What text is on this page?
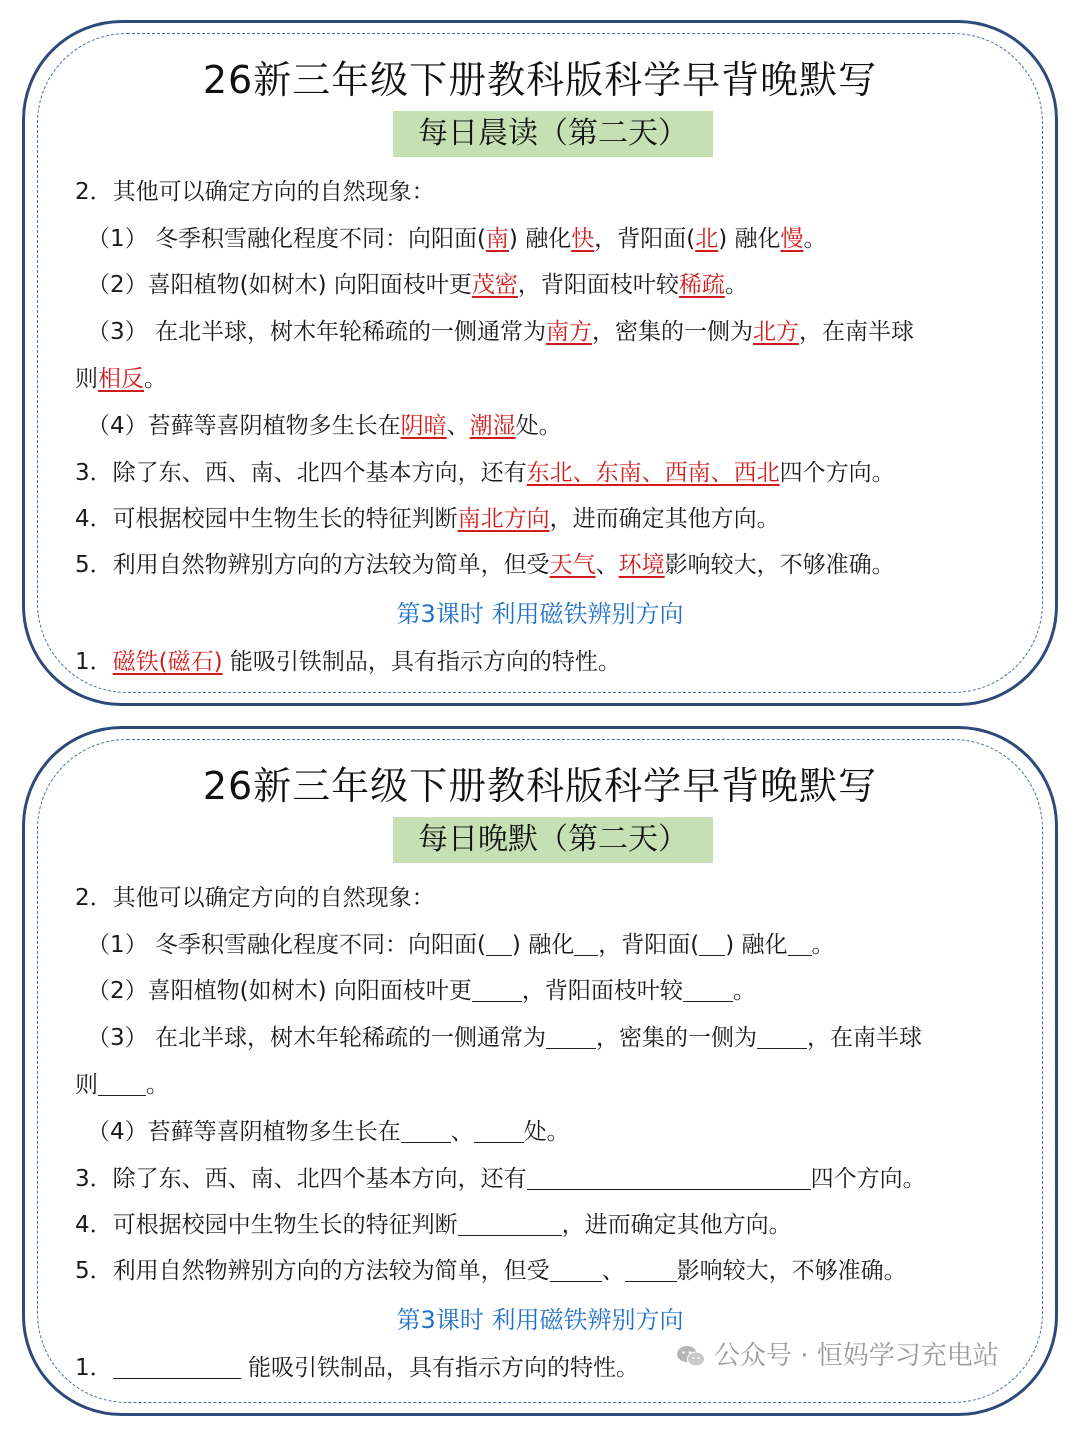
26新三年级下册教科版科学早背晚默写
每日晨读（第二天）
2．其他可以确定方向的自然现象：
（1） 冬季积雪融化程度不同：向阳面(南) 融化快，背阳面(北) 融化慢。
（2）喜阳植物(如树木) 向阳面枝叶更茂密，背阳面枝叶较稀疏。
（3） 在北半球，树木年轮稀疏的一侧通常为南方，密集的一侧为北方，在南半球
则相反。
（4）苔藓等喜阴植物多生长在阴暗、潮湿处。
3．除了东、西、南、北四个基本方向，还有东北、东南、西南、西北四个方向。
4．可根据校园中生物生长的特征判断南北方向，进而确定其他方向。
5．利用自然物辨别方向的方法较为简单，但受天气、环境影响较大，不够准确。
第3课时 利用磁铁辨别方向
1．磁铁(磁石) 能吸引铁制品，具有指示方向的特性。
26新三年级下册教科版科学早背晚默写
每日晚默（第二天）
2．其他可以确定方向的自然现象：
（1） 冬季积雪融化程度不同：向阳面( ) 融化 ，背阳面( ) 融化 。
（2）喜阳植物(如树木) 向阳面枝叶更 ，背阳面枝叶较 。
（3） 在北半球，树木年轮稀疏的一侧通常为 ，密集的一侧为 ，在南半球
则 。
（4）苔藓等喜阴植物多生长在 、 处。
3．除了东、西、南、北四个基本方向，还有	四个方向。
4．可根据校园中生物生长的特征判断	，进而确定其他方向。
5．利用自然物辨别方向的方法较为简单，但受 、 影响较大，不够准确。
第3课时 利用磁铁辨别方向
1．	能吸引铁制品，具有指示方向的特性。	公众号 · 恒妈学习充电站
